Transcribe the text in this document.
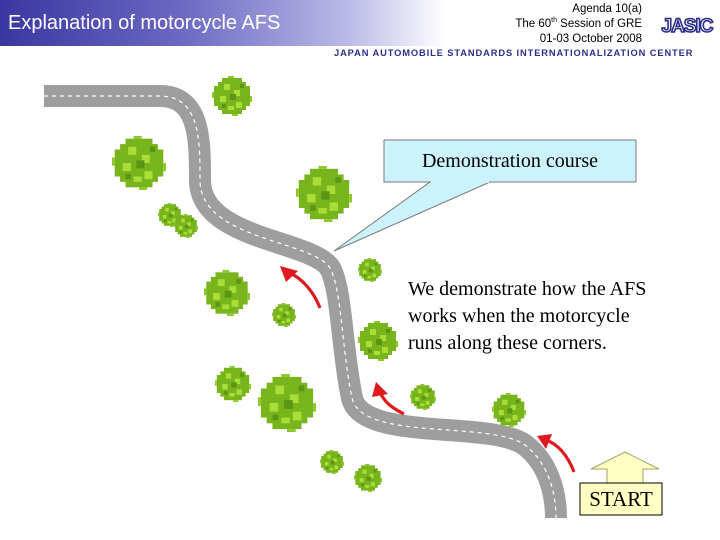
Explanation of motorcycle AFS
Agenda 10(a)
The 60th Session of GRE
01-03 October 2008
JASIC
JAPAN AUTOMOBILE STANDARDS INTERNATIONALIZATION CENTER
Demonstration course
We demonstrate how the AFS
works when the motorcycle
runs along these corners.
START
